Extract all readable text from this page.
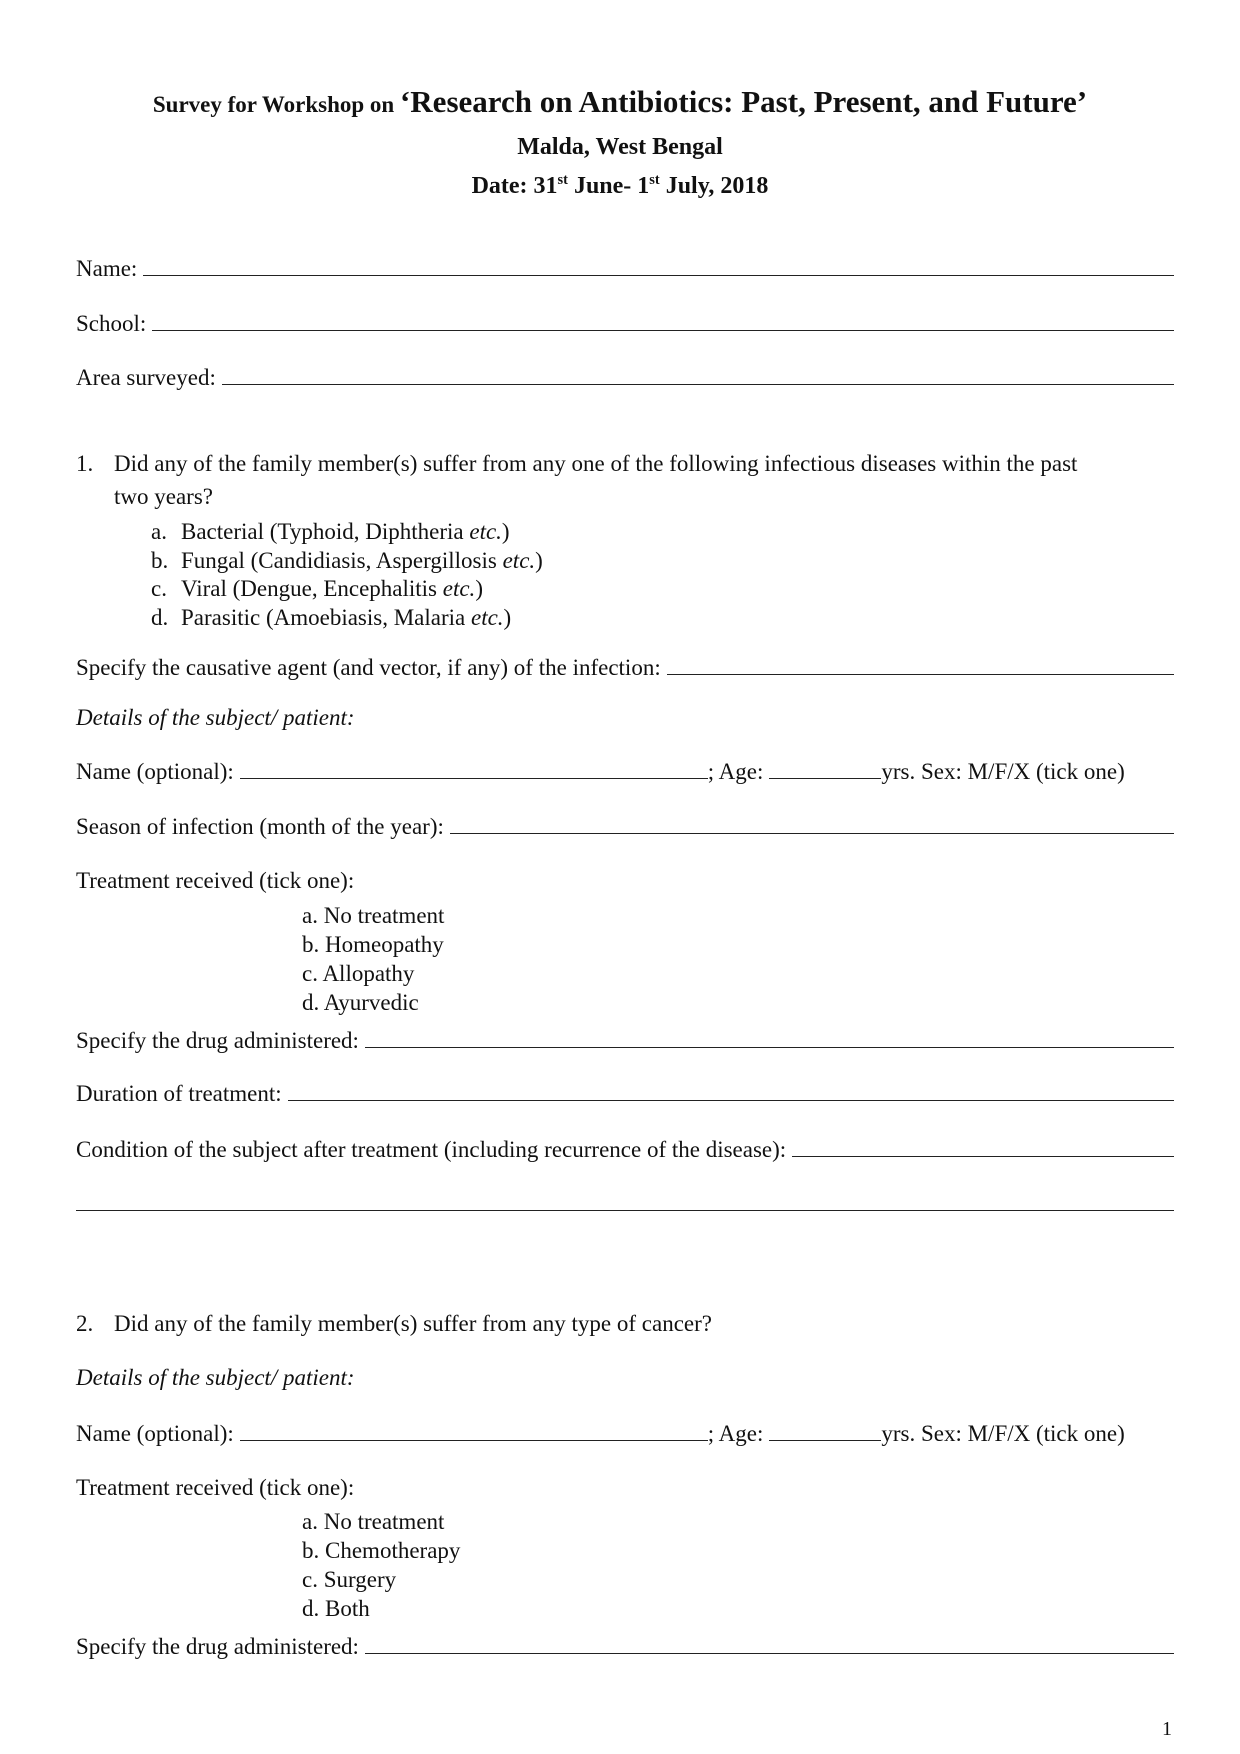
Survey for Workshop on ‘Research on Antibiotics: Past, Present, and Future’
Malda, West Bengal
Date: 31st June- 1st July, 2018
Name:
School:
Area surveyed:
1. Did any of the family member(s) suffer from any one of the following infectious diseases within the past
two years?
a. Bacterial (Typhoid, Diphtheria etc.)
b. Fungal (Candidiasis, Aspergillosis etc.)
c. Viral (Dengue, Encephalitis etc.)
d. Parasitic (Amoebiasis, Malaria etc.)
Specify the causative agent (and vector, if any) of the infection:
Details of the subject/ patient:
Name (optional):	; Age:	yrs. Sex: M/F/X (tick one)
Season of infection (month of the year):
Treatment received (tick one):
a. No treatment
b. Homeopathy
c. Allopathy
d. Ayurvedic
Specify the drug administered:
Duration of treatment:
Condition of the subject after treatment (including recurrence of the disease):
2. Did any of the family member(s) suffer from any type of cancer?
Details of the subject/ patient:
Name (optional):	; Age:	yrs. Sex: M/F/X (tick one)
Treatment received (tick one):
a. No treatment
b. Chemotherapy
c. Surgery
d. Both
Specify the drug administered:
1
